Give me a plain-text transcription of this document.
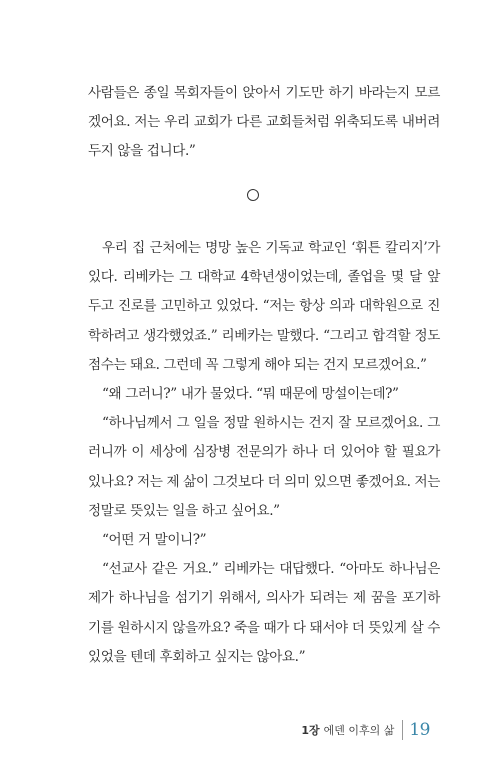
사람들은 종일 목회자들이 앉아서 기도만 하기 바라는지 모르겠어요. 저는 우리 교회가 다른 교회들처럼 위축되도록 내버려 두지 않을 겁니다.”

우리 집 근처에는 명망 높은 기독교 학교인 ‘휘튼 칼리지’가 있다. 리베카는 그 대학교 4학년생이었는데, 졸업을 몇 달 앞두고 진로를 고민하고 있었다. “저는 항상 의과 대학원으로 진학하려고 생각했었죠.” 리베카는 말했다. “그리고 합격할 정도 점수는 돼요. 그런데 꼭 그렇게 해야 되는 건지 모르겠어요.”

“왜 그러니?” 내가 물었다. “뭐 때문에 망설이는데?”

“하나님께서 그 일을 정말 원하시는 건지 잘 모르겠어요. 그러니까 이 세상에 심장병 전문의가 하나 더 있어야 할 필요가 있나요? 저는 제 삶이 그것보다 더 의미 있으면 좋겠어요. 저는 정말로 뜻있는 일을 하고 싶어요.”

“어떤 거 말이니?”

“선교사 같은 거요.” 리베카는 대답했다. “아마도 하나님은 제가 하나님을 섬기기 위해서, 의사가 되려는 제 꿈을 포기하기를 원하시지 않을까요? 죽을 때가 다 돼서야 더 뜻있게 살 수 있었을 텐데 후회하고 싶지는 않아요.”

1장 에덴 이후의 삶 19
